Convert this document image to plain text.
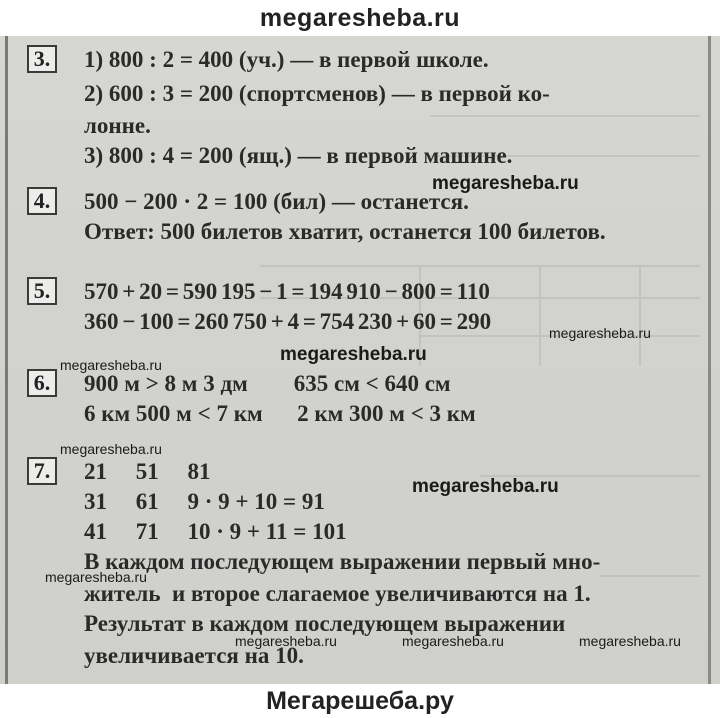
megaresheba.ru
3. 1) 800 : 2 = 400 (уч.) — в первой школе.
2) 600 : 3 = 200 (спортсменов) — в первой ко-
лонне.
3) 800 : 4 = 200 (ящ.) — в первой машине.
4. 500 − 200 · 2 = 100 (бил) — останется.
Ответ: 500 билетов хватит, останется 100 билетов.
5. 570 + 20 = 590 195 − 1 = 194 910 − 800 = 110
360 − 100 = 260 750 + 4 = 754 230 + 60 = 290
6. 900 м > 8 м 3 дм        635 см < 640 см
6 км 500 м < 7 км      2 км 300 м < 3 км
7. 21     51     81
31     61     9 · 9 + 10 = 91
41     71     10 · 9 + 11 = 101
В каждом последующем выражении первый мно-
житель  и второе слагаемое увеличиваются на 1.
Результат в каждом последующем выражении
увеличивается на 10.
megaresheba.ru
megaresheba.ru
megaresheba.ru
megaresheba.ru
megaresheba.ru
megaresheba.ru
megaresheba.ru
megaresheba.ru	megaresheba.ru	megaresheba.ru
Мегарешеба.ру
